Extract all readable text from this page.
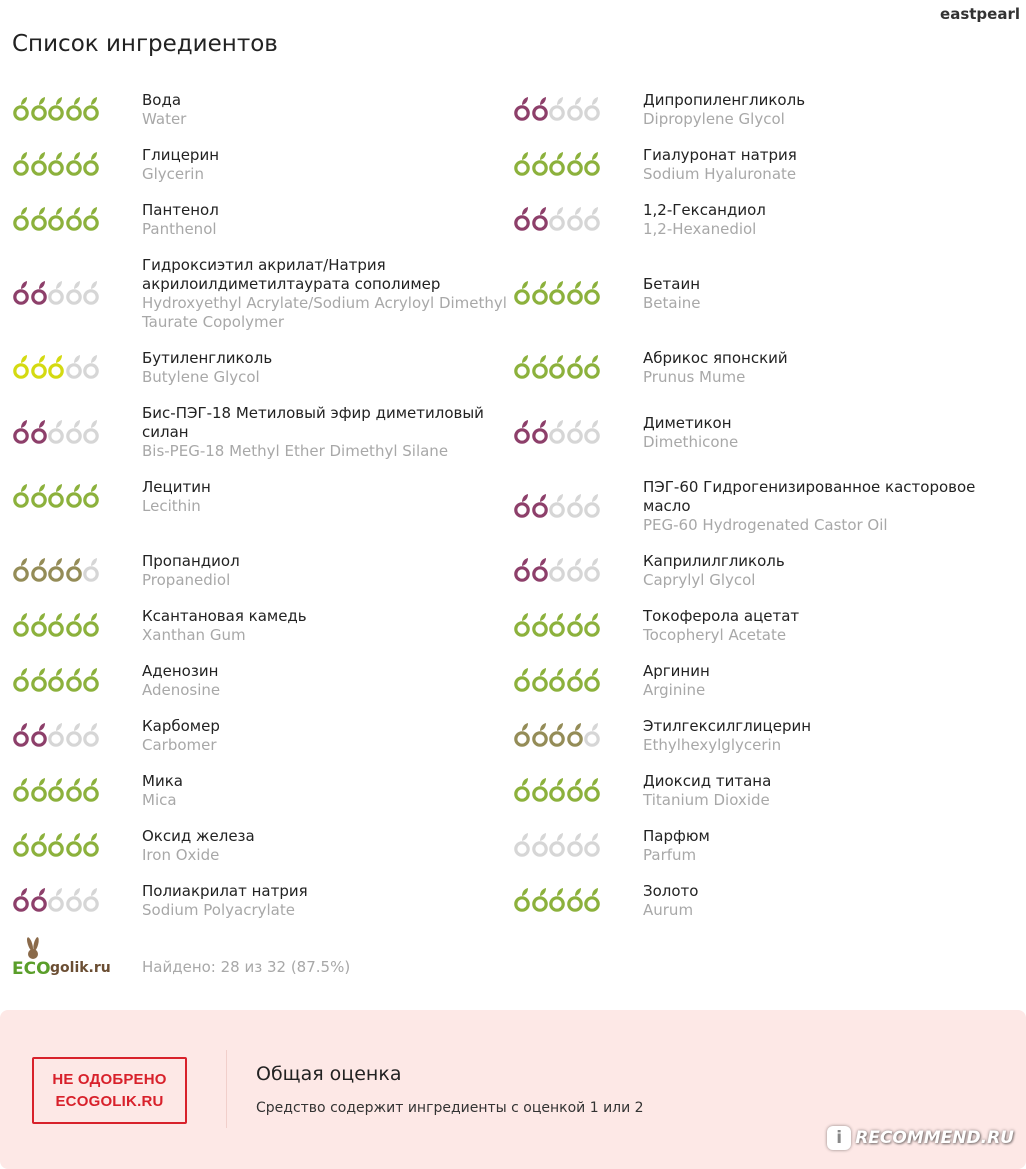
eastpearl
Список ингредиентов
Вода
Water
Глицерин
Glycerin
Пантенол
Panthenol
Гидроксиэтил акрилат/Натрия акрилоилдиметилтаурата сополимер
Hydroxyethyl Acrylate/Sodium Acryloyl Dimethyl Taurate Copolymer
Бутиленгликоль
Butylene Glycol
Бис-ПЭГ-18 Метиловый эфир диметиловый силан
Bis-PEG-18 Methyl Ether Dimethyl Silane
Лецитин
Lecithin
Пропандиол
Propanediol
Ксантановая камедь
Xanthan Gum
Аденозин
Adenosine
Карбомер
Carbomer
Мика
Mica
Оксид железа
Iron Oxide
Полиакрилат натрия
Sodium Polyacrylate
Дипропиленгликоль
Dipropylene Glycol
Гиалуронат натрия
Sodium Hyaluronate
1,2-Гександиол
1,2-Hexanediol
Бетаин
Betaine
Абрикос японский
Prunus Mume
Диметикон
Dimethicone
ПЭГ-60 Гидрогенизированное касторовое масло
PEG-60 Hydrogenated Castor Oil
Каприлилгликоль
Caprylyl Glycol
Токоферола ацетат
Tocopheryl Acetate
Аргинин
Arginine
Этилгексилглицерин
Ethylhexylglycerin
Диоксид титана
Titanium Dioxide
Парфюм
Parfum
Золото
Aurum
ECO golik.ru Найдено: 28 из 32 (87.5%)
НЕ ОДОБРЕНО
ECOGOLIK.RU
Общая оценка
Средство содержит ингредиенты с оценкой 1 или 2
i RECOMMEND.RU
